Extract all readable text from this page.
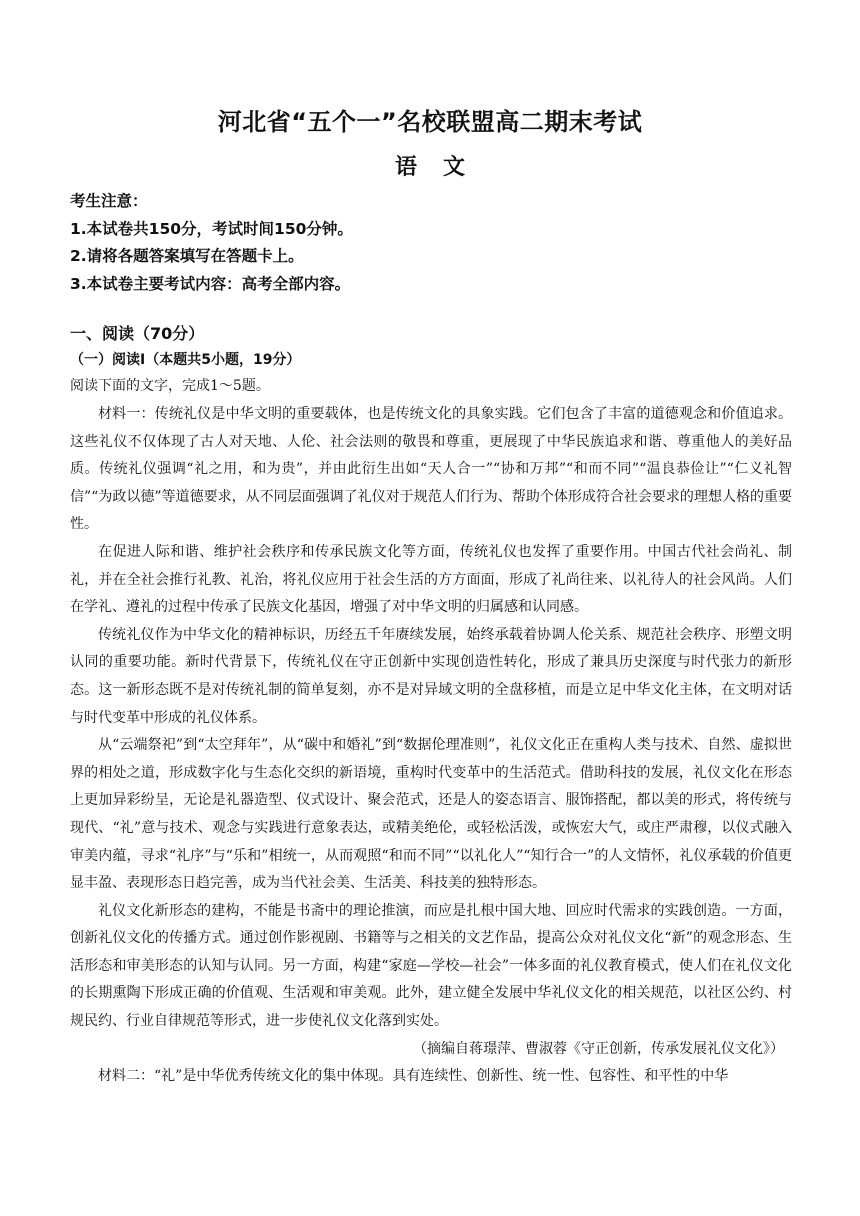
河北省“五个一”名校联盟高二期末考试
语文
考生注意：
1.本试卷共150分，考试时间150分钟。
2.请将各题答案填写在答题卡上。
3.本试卷主要考试内容：高考全部内容。
一、阅读（70分）
（一）阅读Ⅰ（本题共5小题，19分）
阅读下面的文字，完成1～5题。

材料一：传统礼仪是中华文明的重要载体，也是传统文化的具象实践。它们包含了丰富的道德观念和价值追求。这些礼仪不仅体现了古人对天地、人伦、社会法则的敬畏和尊重，更展现了中华民族追求和谐、尊重他人的美好品质。传统礼仪强调“礼之用，和为贵”，并由此衍生出如“天人合一”“协和万邦”“和而不同”“温良恭俭让”“仁义礼智信”“为政以德”等道德要求，从不同层面强调了礼仪对于规范人们行为、帮助个体形成符合社会要求的理想人格的重要性。

在促进人际和谐、维护社会秩序和传承民族文化等方面，传统礼仪也发挥了重要作用。中国古代社会尚礼、制礼，并在全社会推行礼教、礼治，将礼仪应用于社会生活的方方面面，形成了礼尚往来、以礼待人的社会风尚。人们在学礼、遵礼的过程中传承了民族文化基因，增强了对中华文明的归属感和认同感。

传统礼仪作为中华文化的精神标识，历经五千年赓续发展，始终承载着协调人伦关系、规范社会秩序、形塑文明认同的重要功能。新时代背景下，传统礼仪在守正创新中实现创造性转化，形成了兼具历史深度与时代张力的新形态。这一新形态既不是对传统礼制的简单复刻，亦不是对异域文明的全盘移植，而是立足中华文化主体，在文明对话与时代变革中形成的礼仪体系。

从“云端祭祀”到“太空拜年”，从“碳中和婚礼”到“数据伦理准则”，礼仪文化正在重构人类与技术、自然、虚拟世界的相处之道，形成数字化与生态化交织的新语境，重构时代变革中的生活范式。借助科技的发展，礼仪文化在形态上更加异彩纷呈，无论是礼器造型、仪式设计、聚会范式，还是人的姿态语言、服饰搭配，都以美的形式，将传统与现代、“礼”意与技术、观念与实践进行意象表达，或精美绝伦，或轻松活泼，或恢宏大气，或庄严肃穆，以仪式融入审美内蕴，寻求“礼序”与“乐和”相统一，从而观照“和而不同”“以礼化人”“知行合一”的人文情怀，礼仪承载的价值更显丰盈、表现形态日趋完善，成为当代社会美、生活美、科技美的独特形态。

礼仪文化新形态的建构，不能是书斋中的理论推演，而应是扎根中国大地、回应时代需求的实践创造。一方面，创新礼仪文化的传播方式。通过创作影视剧、书籍等与之相关的文艺作品，提高公众对礼仪文化“新”的观念形态、生活形态和审美形态的认知与认同。另一方面，构建“家庭—学校—社会”一体多面的礼仪教育模式，使人们在礼仪文化的长期熏陶下形成正确的价值观、生活观和审美观。此外，建立健全发展中华礼仪文化的相关规范，以社区公约、村规民约、行业自律规范等形式，进一步使礼仪文化落到实处。

（摘编自蒋璟萍、曹淑蓉《守正创新，传承发展礼仪文化》）

材料二：“礼”是中华优秀传统文化的集中体现。具有连续性、创新性、统一性、包容性、和平性的中华
